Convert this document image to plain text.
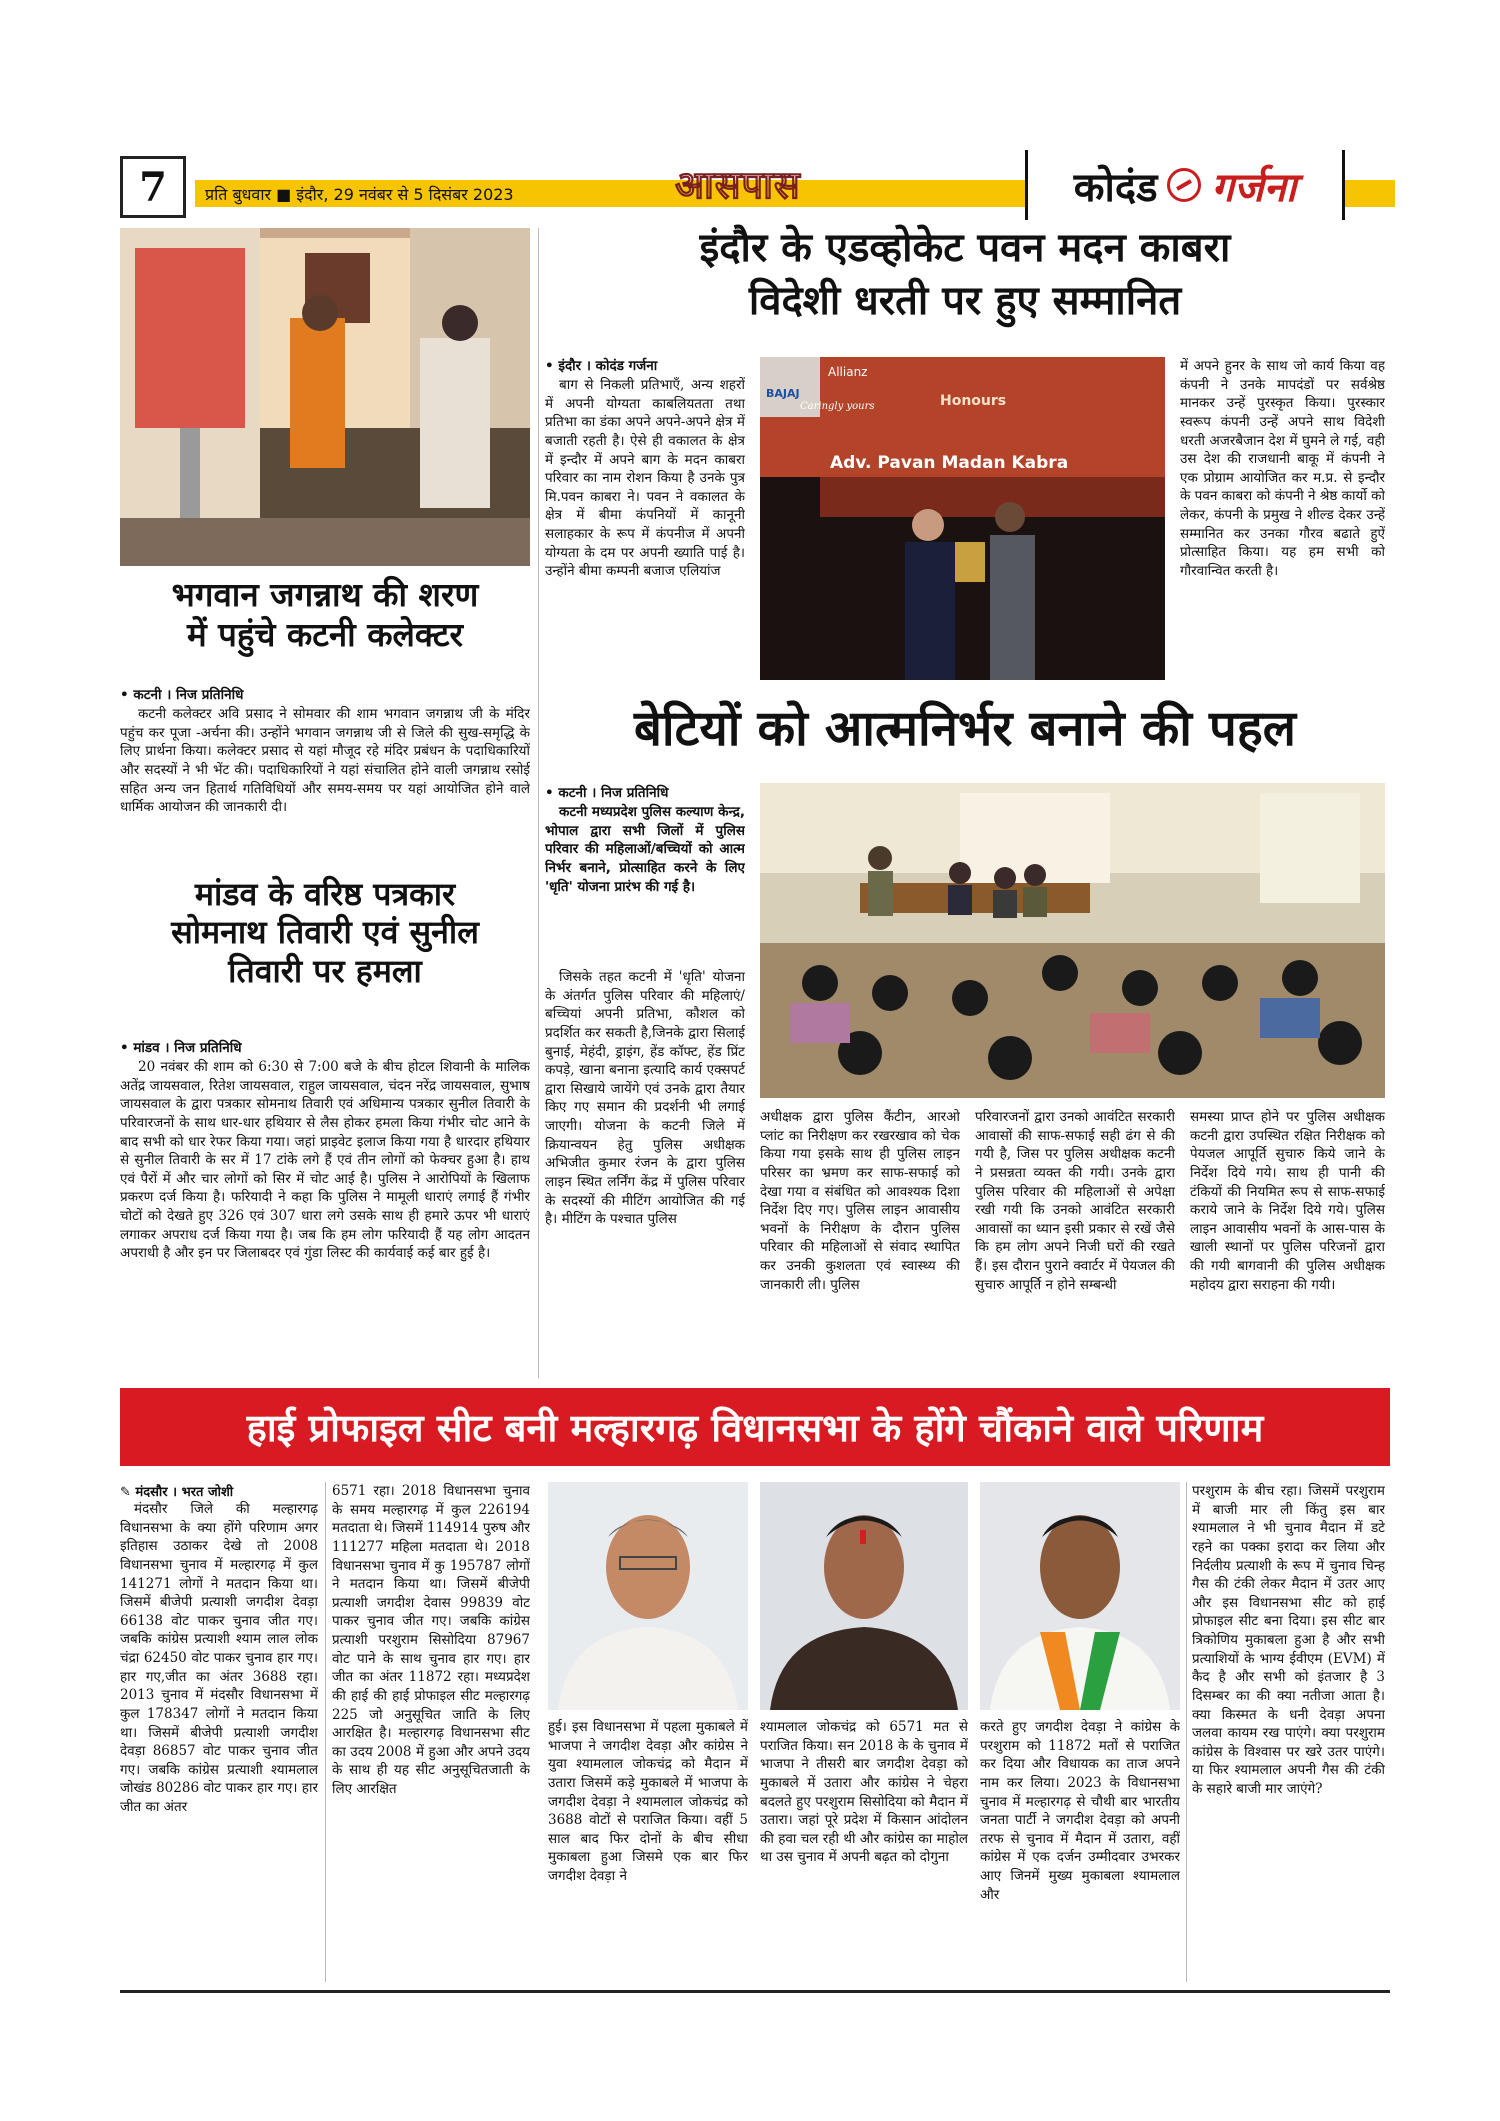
7 प्रति बुधवार ■ इंदौर, 29 नवंबर से 5 दिसंबर 2023	आसपास	कोदंड गर्जना
भगवान जगन्नाथ की शरण
में पहुंचे कटनी कलेक्टर
• कटनी । निज प्रतिनिधि
कटनी कलेक्टर अवि प्रसाद ने सोमवार की शाम भगवान जगन्नाथ जी के मंदिर पहुंच कर पूजा -अर्चना की। उन्होंने भगवान जगन्नाथ जी से जिले की सुख-समृद्धि के लिए प्रार्थना किया। कलेक्टर प्रसाद से यहां मौजूद रहे मंदिर प्रबंधन के पदाधिकारियों और सदस्यों ने भी भेंट की। पदाधिकारियों ने यहां संचालित होने वाली जगन्नाथ रसोई सहित अन्य जन हितार्थ गतिविधियों और समय-समय पर यहां आयोजित होने वाले धार्मिक आयोजन की जानकारी दी।
मांडव के वरिष्ठ पत्रकार
सोमनाथ तिवारी एवं सुनील
तिवारी पर हमला
• मांडव । निज प्रतिनिधि
20 नवंबर की शाम को 6:30 से 7:00 बजे के बीच होटल शिवानी के मालिक अतेंद्र जायसवाल, रितेश जायसवाल, राहुल जायसवाल, चंदन नरेंद्र जायसवाल, सुभाष जायसवाल के द्वारा पत्रकार सोमनाथ तिवारी एवं अधिमान्य पत्रकार सुनील तिवारी के परिवारजनों के साथ धार-धार हथियार से लैस होकर हमला किया गंभीर चोट आने के बाद सभी को धार रेफर किया गया। जहां प्राइवेट इलाज किया गया है धारदार हथियार से सुनील तिवारी के सर में 17 टांके लगे हैं एवं तीन लोगों को फेक्चर हुआ है। हाथ एवं पैरों में और चार लोगों को सिर में चोट आई है। पुलिस ने आरोपियों के खिलाफ प्रकरण दर्ज किया है। फरियादी ने कहा कि पुलिस ने मामूली धाराएं लगाई हैं गंभीर चोटों को देखते हुए 326 एवं 307 धारा लगे उसके साथ ही हमारे ऊपर भी धाराएं लगाकर अपराध दर्ज किया गया है। जब कि हम लोग फरियादी हैं यह लोग आदतन अपराधी है और इन पर जिलाबदर एवं गुंडा लिस्ट की कार्यवाई कई बार हुई है।
इंदौर के एडव्होकेट पवन मदन काबरा
विदेशी धरती पर हुए सम्मानित
• इंदौर । कोदंड गर्जना
बाग से निकली प्रतिभाएँ, अन्य शहरों में अपनी योग्यता काबलियतता तथा प्रतिभा का डंका अपने अपने-अपने क्षेत्र में बजाती रहती है। ऐसे ही वकालत के क्षेत्र में इन्दौर में अपने बाग के मदन काबरा परिवार का नाम रोशन किया है उनके पुत्र मि.पवन काबरा ने। पवन ने वकालत के क्षेत्र में बीमा कंपनियों में कानूनी सलाहकार के रूप में कंपनीज में अपनी योग्यता के दम पर अपनी ख्याति पाई है। उन्होंने बीमा कम्पनी बजाज एलियांज
BAJAJ
Allianz
Caringly yours	Honours
Adv. Pavan Madan Kabra
में अपने हुनर के साथ जो कार्य किया वह कंपनी ने उनके मापदंडों पर सर्वश्रेष्ठ मानकर उन्हें पुरस्कृत किया। पुरस्कार स्वरूप कंपनी उन्हें अपने साथ विदेशी धरती अजरबैजान देश में घुमने ले गई, वही उस देश की राजधानी बाकू में कंपनी ने एक प्रोग्राम आयोजित कर म.प्र. से इन्दौर के पवन काबरा को कंपनी ने श्रेष्ठ कार्यो को लेकर, कंपनी के प्रमुख ने शील्ड देकर उन्हें सम्मानित कर उनका गौरव बढाते हुऐं प्रोत्साहित किया। यह हम सभी को गौरवान्वित करती है।
बेटियों को आत्मनिर्भर बनाने की पहल
• कटनी । निज प्रतिनिधि
कटनी मध्यप्रदेश पुलिस कल्याण केन्द्र, भोपाल द्वारा सभी जिलों में पुलिस परिवार की महिलाओं/बच्चियों को आत्म निर्भर बनाने, प्रोत्साहित करने के लिए 'धृति' योजना प्रारंभ की गई है।
जिसके तहत कटनी में 'धृति' योजना के अंतर्गत पुलिस परिवार की महिलाएं/बच्चियां अपनी प्रतिभा, कौशल को प्रदर्शित कर सकती है,जिनके द्वारा सिलाई बुनाई, मेहंदी, ड्राइंग, हेंड कॉफ्ट, हेंड प्रिंट कपड़े, खाना बनाना इत्यादि कार्य एक्सपर्ट द्वारा सिखाये जायेंगे एवं उनके द्वारा तैयार किए गए समान की प्रदर्शनी भी लगाई जाएगी। योजना के कटनी जिले में क्रियान्वयन हेतु पुलिस अधीक्षक अभिजीत कुमार रंजन के द्वारा पुलिस लाइन स्थित लर्निंग केंद्र में पुलिस परिवार के सदस्यों की मीटिंग आयोजित की गई है। मीटिंग के पश्चात पुलिस
अधीक्षक द्वारा पुलिस कैंटीन, आरओ प्लांट का निरीक्षण कर रखरखाव को चेक किया गया इसके साथ ही पुलिस लाइन परिसर का भ्रमण कर साफ-सफाई को देखा गया व संबंधित को आवश्यक दिशा निर्देश दिए गए। पुलिस लाइन आवासीय भवनों के निरीक्षण के दौरान पुलिस परिवार की महिलाओं से संवाद स्थापित कर उनकी कुशलता एवं स्वास्थ्य की जानकारी ली। पुलिस
परिवारजनों द्वारा उनको आवंटित सरकारी आवासों की साफ-सफाई सही ढंग से की गयी है, जिस पर पुलिस अधीक्षक कटनी ने प्रसन्नता व्यक्त की गयी। उनके द्वारा पुलिस परिवार की महिलाओं से अपेक्षा रखी गयी कि उनको आवंटित सरकारी आवासों का ध्यान इसी प्रकार से रखें जैसे कि हम लोग अपने निजी घरों की रखते हैं। इस दौरान पुराने क्वार्टर में पेयजल की सुचारु आपूर्ति न होने सम्बन्धी
समस्या प्राप्त होने पर पुलिस अधीक्षक कटनी द्वारा उपस्थित रक्षित निरीक्षक को पेयजल आपूर्ति सुचारु किये जाने के निर्देश दिये गये। साथ ही पानी की टंकियों की नियमित रूप से साफ-सफाई कराये जाने के निर्देश दिये गये। पुलिस लाइन आवासीय भवनों के आस-पास के खाली स्थानों पर पुलिस परिजनों द्वारा की गयी बागवानी की पुलिस अधीक्षक महोदय द्वारा सराहना की गयी।
हाई प्रोफाइल सीट बनी मल्हारगढ़ विधानसभा के होंगे चौंकाने वाले परिणाम
✎ मंदसौर । भरत जोशी
मंदसौर जिले की मल्हारगढ़ विधानसभा के क्या होंगे परिणाम अगर इतिहास उठाकर देखे तो 2008 विधानसभा चुनाव में मल्हारगढ़ में कुल 141271 लोगों ने मतदान किया था। जिसमें बीजेपी प्रत्याशी जगदीश देवड़ा 66138 वोट पाकर चुनाव जीत गए। जबकि कांग्रेस प्रत्याशी श्याम लाल लोक चंद्रा 62450 वोट पाकर चुनाव हार गए। हार गए,जीत का अंतर 3688 रहा। 2013 चुनाव में मंदसौर विधानसभा में कुल 178347 लोगों ने मतदान किया था। जिसमें बीजेपी प्रत्याशी जगदीश देवड़ा 86857 वोट पाकर चुनाव जीत गए। जबकि कांग्रेस प्रत्याशी श्यामलाल जोखंड 80286 वोट पाकर हार गए। हार जीत का अंतर
6571 रहा। 2018 विधानसभा चुनाव के समय मल्हारगढ़ में कुल 226194 मतदाता थे। जिसमें 114914 पुरुष और 111277 महिला मतदाता थे। 2018 विधानसभा चुनाव में कु 195787 लोगों ने मतदान किया था। जिसमें बीजेपी प्रत्याशी जगदीश देवास 99839 वोट पाकर चुनाव जीत गए। जबकि कांग्रेस प्रत्याशी परशुराम सिसोदिया 87967 वोट पाने के साथ चुनाव हार गए। हार जीत का अंतर 11872 रहा। मध्यप्रदेश की हाई की हाई प्रोफाइल सीट मल्हारगढ़ 225 जो अनुसूचित जाति के लिए आरक्षित है। मल्हारगढ़ विधानसभा सीट का उदय 2008 में हुआ और अपने उदय के साथ ही यह सीट अनुसूचितजाती के लिए आरक्षित
हुई। इस विधानसभा में पहला मुकाबले में भाजपा ने जगदीश देवड़ा और कांग्रेस ने युवा श्यामलाल जोकचंद्र को मैदान में उतारा जिसमें कड़े मुकाबले में भाजपा के जगदीश देवड़ा ने श्यामलाल जोकचंद्र को 3688 वोटों से पराजित किया। वहीं 5 साल बाद फिर दोनों के बीच सीधा मुकाबला हुआ जिसमे एक बार फिर जगदीश देवड़ा ने
श्यामलाल जोकचंद्र को 6571 मत से पराजित किया। सन 2018 के के चुनाव में भाजपा ने तीसरी बार जगदीश देवड़ा को मुकाबले में उतारा और कांग्रेस ने चेहरा बदलते हुए परशुराम सिसोदिया को मैदान में उतारा। जहां पूरे प्रदेश में किसान आंदोलन की हवा चल रही थी और कांग्रेस का माहोल था उस चुनाव में अपनी बढ़त को दोगुना
करते हुए जगदीश देवड़ा ने कांग्रेस के परशुराम को 11872 मतों से पराजित कर दिया और विधायक का ताज अपने नाम कर लिया। 2023 के विधानसभा चुनाव में मल्हारगढ़ से चौथी बार भारतीय जनता पार्टी ने जगदीश देवड़ा को अपनी तरफ से चुनाव में मैदान में उतारा, वहीं कांग्रेस में एक दर्जन उम्मीदवार उभरकर आए जिनमें मुख्य मुकाबला श्यामलाल और
परशुराम के बीच रहा। जिसमें परशुराम में बाजी मार ली किंतु इस बार श्यामलाल ने भी चुनाव मैदान में डटे रहने का पक्का इरादा कर लिया और निर्दलीय प्रत्याशी के रूप में चुनाव चिन्ह गैस की टंकी लेकर मैदान में उतर आए और इस विधानसभा सीट को हाई प्रोफाइल सीट बना दिया। इस सीट बार त्रिकोणिय मुकाबला हुआ है और सभी प्रत्याशियों के भाग्य ईवीएम (EVM) में कैद है और सभी को इंतजार है 3 दिसम्बर का की क्या नतीजा आता है। क्या किस्मत के धनी देवड़ा अपना जलवा कायम रख पाएंगे। क्या परशुराम कांग्रेस के विश्वास पर खरे उतर पाएंगे। या फिर श्यामलाल अपनी गैस की टंकी के सहारे बाजी मार जाएंगे?
